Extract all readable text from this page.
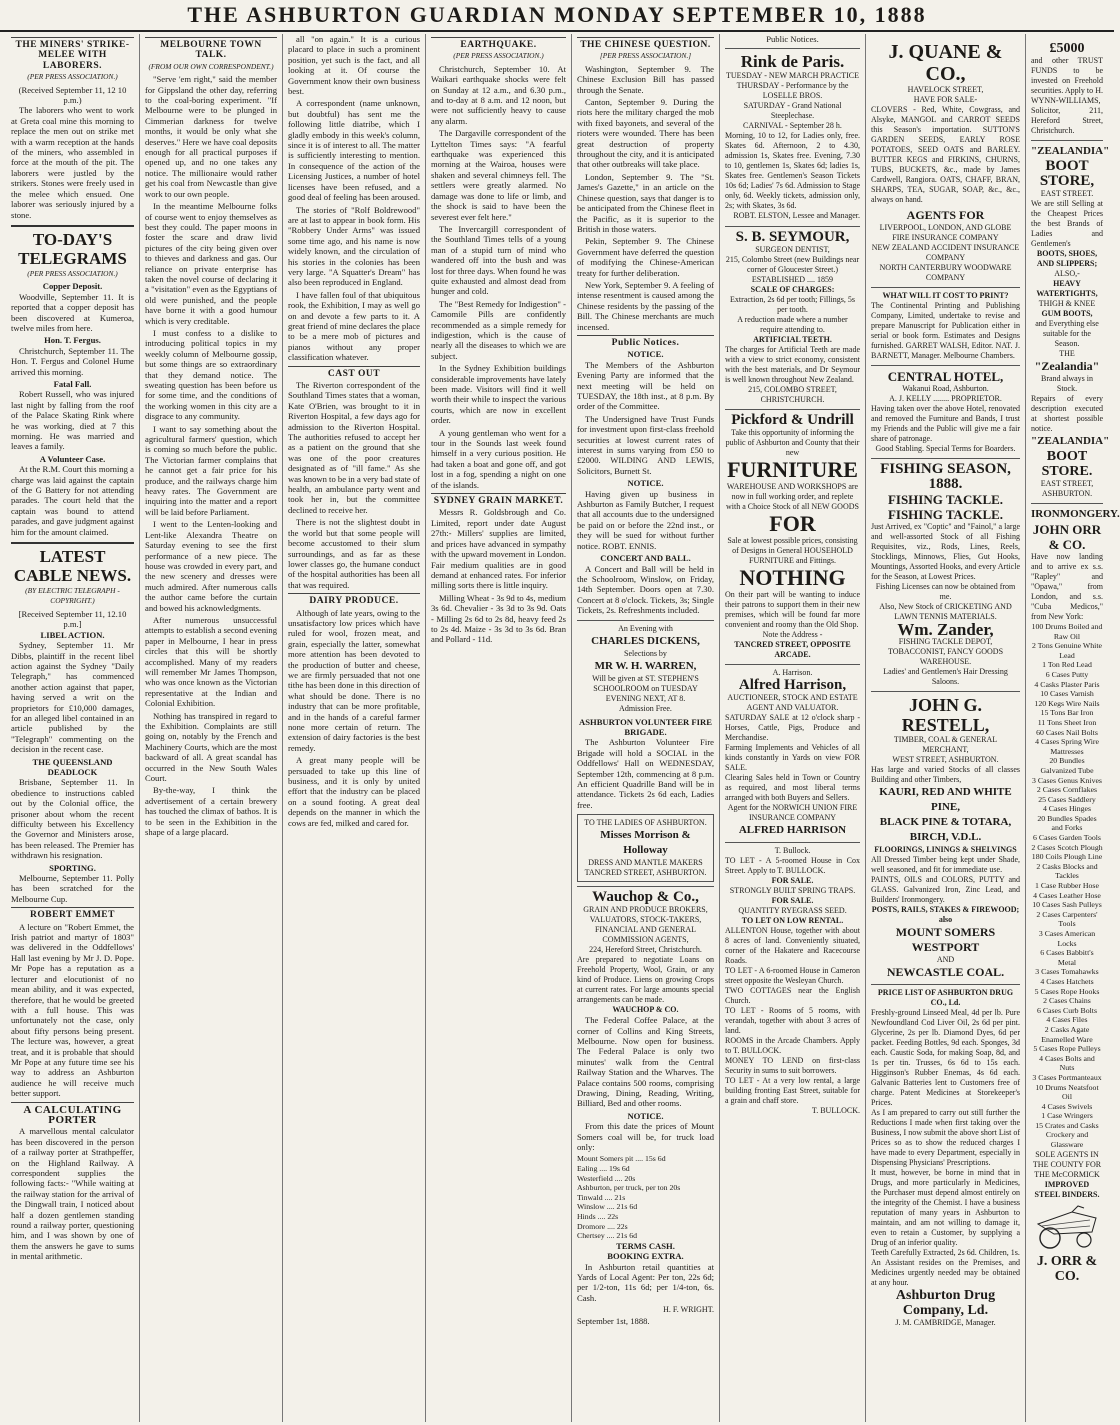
THE ASHBURTON GUARDIAN MONDAY SEPTEMBER 10, 1888
THE MINERS' STRIKE-MELEE WITH LABORERS.
(PER PRESS ASSOCIATION.)
(Received September 11, 12 10 p.m.)

The laborers who went to work at Greta coal mine this morning to replace the men out on strike met with a warm reception at the hands of the miners, who assembled in force at the mouth of the pit. The laborers were justled by the strikers. Stones were freely used in the melee which ensued. One laborer was seriously injured by a stone.

TO-DAY'S TELEGRAMS
(PER PRESS ASSOCIATION.)
Copper Deposit.

Woodville, September 11. It is reported that a copper deposit has been discovered at Kumeroa, twelve miles from here.

Hon. T. Fergus.

Christchurch, September 11. The Hon. T. Fergus and Colonel Hume arrived this morning.

Fatal Fall.

Robert Russell, who was injured last night by falling from the roof of the Palace Skating Rink where he was working, died at 7 this morning. He was married and leaves a family.

A Volunteer Case.

At the R.M. Court this morning a charge was laid against the captain of the G Battery for not attending parades. The court held that the captain was bound to attend parades, and gave judgment against him for the amount claimed.

LATEST CABLE NEWS.
(BY ELECTRIC TELEGRAPH - COPYRIGHT.)
[Received September 11, 12.10 p.m.]
LIBEL ACTION.

Sydney, September 11. Mr Dibbs, plaintiff in the recent libel action against the Sydney "Daily Telegraph," has commenced another action against that paper, having served a writ on the proprietors for £10,000 damages, for an alleged libel contained in an article published by the "Telegraph" commenting on the decision in the recent case.

THE QUEENSLAND DEADLOCK

Brisbane, September 11. In obedience to instructions cabled out by the Colonial office, the prisoner about whom the recent difficulty between his Excellency the Governor and Ministers arose, has been released. The Premier has withdrawn his resignation.

SPORTING.

Melbourne, September 11. Polly has been scratched for the Melbourne Cup.

ROBERT EMMET

A lecture on "Robert Emmet, the Irish patriot and martyr of 1803" was delivered in the Oddfellows' Hall last evening by Mr J. D. Pope. Mr Pope has a reputation as a lecturer and elocutionist of no mean ability, and it was expected, therefore, that he would be greeted with a full house. This was unfortunately not the case, only about fifty persons being present. The lecture was, however, a great treat, and it is probable that should Mr Pope at any future time see his way to address an Ashburton audience he will receive much better support.

A CALCULATING PORTER

A marvellous mental calculator has been discovered in the person of a railway porter at Strathpeffer, on the Highland Railway. A correspondent supplies the following facts:- "While waiting at the railway station for the arrival of the Dingwall train, I noticed about half a dozen gentlemen standing round a railway porter, questioning him, and I was shown by one of them the answers he gave to sums in mental arithmetic.

MELBOURNE TOWN TALK.
(FROM OUR OWN CORRESPONDENT.)

"Serve 'em right," said the member for Gippsland the other day, referring to the coal-boring experiment. "If Melbourne were to be plunged in Cimmerian darkness for twelve months, it would be only what she deserves." Here we have coal deposits enough for all practical purposes if opened up, and no one takes any notice. The millionaire would rather get his coal from Newcastle than give work to our own people.

In the meantime Melbourne folks of course went to enjoy themselves as best they could. The paper moons in foster the scare and draw livid pictures of the city being given over to thieves and darkness and gas. Our reliance on private enterprise has taken the novel course of declaring it a "visitation" even as the Egyptians of old were punished, and the people have borne it with a good humour which is very creditable.

I must confess to a dislike to introducing political topics in my weekly column of Melbourne gossip, but some things are so extraordinary that they demand notice. The sweating question has been before us for some time, and the conditions of the working women in this city are a disgrace to any community.

I want to say something about the agricultural farmers' question, which is coming so much before the public. The Victorian farmer complains that he cannot get a fair price for his produce, and the railways charge him heavy rates. The Government are inquiring into the matter and a report will be laid before Parliament.

I went to the Lenten-looking and Lent-like Alexandra Theatre on Saturday evening to see the first performance of a new piece. The house was crowded in every part, and the new scenery and dresses were much admired. After numerous calls the author came before the curtain and bowed his acknowledgments.

After numerous unsuccessful attempts to establish a second evening paper in Melbourne, I hear in press circles that this will be shortly accomplished. Many of my readers will remember Mr James Thompson, who was once known as the Victorian representative at the Indian and Colonial Exhibition.

Nothing has transpired in regard to the Exhibition. Complaints are still going on, notably by the French and Machinery Courts, which are the most backward of all. A great scandal has occurred in the New South Wales Court.

By-the-way, I think the advertisement of a certain brewery has touched the climax of bathos. It is to be seen in the Exhibition in the shape of a large placard.

all "on again." It is a curious placard to place in such a prominent position, yet such is the fact, and all looking at it. Of course the Government know their own business best.

A correspondent (name unknown, but doubtful) has sent me the following little diatribe, which I gladly embody in this week's column, since it is of interest to all. The matter is sufficiently interesting to mention. In consequence of the action of the Licensing Justices, a number of hotel licenses have been refused, and a good deal of feeling has been aroused.

The stories of "Rolf Boldrewood" are at last to appear in book form. His "Robbery Under Arms" was issued some time ago, and his name is now widely known, and the circulation of his stories in the colonies has been very large. "A Squatter's Dream" has also been reproduced in England.

I have fallen foul of that ubiquitous rook, the Exhibition, I may as well go on and devote a few parts to it. A great friend of mine declares the place to be a mere mob of pictures and pianos without any proper classification whatever.

CAST OUT

The Riverton correspondent of the Southland Times states that a woman, Kate O'Brien, was brought to it in Riverton Hospital, a few days ago for admission to the Riverton Hospital. The authorities refused to accept her as a patient on the ground that she was one of the poor creatures designated as of "ill fame." As she was known to be in a very bad state of health, an ambulance party went and took her in, but the committee declined to receive her.

There is not the slightest doubt in the world but that some people will become accustomed to their slum surroundings, and as far as these lower classes go, the humane conduct of the hospital authorities has been all that was required.

DAIRY PRODUCE.

Although of late years, owing to the unsatisfactory low prices which have ruled for wool, frozen meat, and grain, especially the latter, somewhat more attention has been devoted to the production of butter and cheese, we are firmly persuaded that not one tithe has been done in this direction of what should be done. There is no industry that can be more profitable, and in the hands of a careful farmer none more certain of return. The extension of dairy factories is the best remedy.

A great many people will be persuaded to take up this line of business, and it is only by united effort that the industry can be placed on a sound footing. A great deal depends on the manner in which the cows are fed, milked and cared for.

EARTHQUAKE.
(PER PRESS ASSOCIATION.)

Christchurch, September 10. At Waikari earthquake shocks were felt on Sunday at 12 a.m., and 6.30 p.m., and to-day at 8 a.m. and 12 noon, but were not sufficiently heavy to cause any alarm.

The Dargaville correspondent of the Lyttelton Times says: "A fearful earthquake was experienced this morning at the Wairoa, houses were shaken and several chimneys fell. The settlers were greatly alarmed. No damage was done to life or limb, and the shock is said to have been the severest ever felt here."

The Invercargill correspondent of the Southland Times tells of a young man of a stupid turn of mind who wandered off into the bush and was lost for three days. When found he was quite exhausted and almost dead from hunger and cold.

The "Best Remedy for Indigestion" - Camomile Pills are confidently recommended as a simple remedy for indigestion, which is the cause of nearly all the diseases to which we are subject.

In the Sydney Exhibition buildings considerable improvements have lately been made. Visitors will find it well worth their while to inspect the various courts, which are now in excellent order.

A young gentleman who went for a tour in the Sounds last week found himself in a very curious position. He had taken a boat and gone off, and got lost in a fog, spending a night on one of the islands.

SYDNEY GRAIN MARKET.

Messrs R. Goldsbrough and Co. Limited, report under date August 27th:- Millers' supplies are limited, and prices have advanced in sympathy with the upward movement in London. Fair medium qualities are in good demand at enhanced rates. For inferior milling sorts there is little inquiry.

Milling Wheat - 3s 9d to 4s, medium 3s 6d. Chevalier - 3s 3d to 3s 9d. Oats - Milling 2s 6d to 2s 8d, heavy feed 2s to 2s 4d. Maize - 3s 3d to 3s 6d. Bran and Pollard - 11d.

THE CHINESE QUESTION.
[PER PRESS ASSOCIATION.]

Washington, September 9. The Chinese Exclusion Bill has passed through the Senate.

Canton, September 9. During the riots here the military charged the mob with fixed bayonets, and several of the rioters were wounded. There has been great destruction of property throughout the city, and it is anticipated that other outbreaks will take place.

London, September 9. The "St. James's Gazette," in an article on the Chinese question, says that danger is to be anticipated from the Chinese fleet in the Pacific, as it is superior to the British in those waters.

Pekin, September 9. The Chinese Government have deferred the question of modifying the Chinese-American treaty for further deliberation.

New York, September 9. A feeling of intense resentment is caused among the Chinese residents by the passing of the Bill. The Chinese merchants are much incensed.

Public Notices.
NOTICE.

The Members of the Ashburton Evening Party are informed that the next meeting will be held on TUESDAY, the 18th inst., at 8 p.m. By order of the Committee.

The Undersigned have Trust Funds for investment upon first-class freehold securities at lowest current rates of interest in sums varying from £50 to £2000. WILDING AND LEWIS, Solicitors, Burnett St.

NOTICE.

Having given up business in Ashburton as Family Butcher, I request that all accounts due to the undersigned be paid on or before the 22nd inst., or they will be sued for without further notice. ROBT. ENNIS.

CONCERT AND BALL.

A Concert and Ball will be held in the Schoolroom, Winslow, on Friday, 14th September. Doors open at 7.30. Concert at 8 o'clock. Tickets, 3s; Single Tickets, 2s. Refreshments included.

An Evening with
CHARLES DICKENS,
Selections by
MR W. H. WARREN,
Will be given at ST. STEPHEN'S SCHOOLROOM on TUESDAY EVENING NEXT, AT 8.
Admission Free.
ASHBURTON VOLUNTEER FIRE BRIGADE.

The Ashburton Volunteer Fire Brigade will hold a SOCIAL in the Oddfellows' Hall on WEDNESDAY, September 12th, commencing at 8 p.m. An efficient Quadrille Band will be in attendance. Tickets 2s 6d each, Ladies free.

TO THE LADIES OF ASHBURTON.
Misses Morrison & Holloway
DRESS AND MANTLE MAKERS
TANCRED STREET, ASHBURTON.
Wauchop & Co.,
GRAIN AND PRODUCE BROKERS, VALUATORS, STOCK-TAKERS, FINANCIAL AND GENERAL COMMISSION AGENTS,
224, Hereford Street, Christchurch.
Are prepared to negotiate Loans on Freehold Property, Wool, Grain, or any kind of Produce. Liens on growing Crops at current rates. For large amounts special arrangements can be made.
WAUCHOP & CO.

The Federal Coffee Palace, at the corner of Collins and King Streets, Melbourne. Now open for business. The Federal Palace is only two minutes' walk from the Central Railway Station and the Wharves. The Palace contains 500 rooms, comprising Drawing, Dining, Reading, Writing, Billiard, Bed and other rooms.

NOTICE.

From this date the prices of Mount Somers coal will be, for truck load only:

Mount Somers pit .... 15s 6d
Ealing .... 19s 6d
Westerfield .... 20s
Ashburton, per truck, per ton 20s
Tinwald .... 21s
Winslow .... 21s 6d
Hinds .... 22s
Dromore .... 22s
Chertsey .... 21s 6d
TERMS CASH.
BOOKING EXTRA.

In Ashburton retail quantities at Yards of Local Agent: Per ton, 22s 6d; per 1/2-ton, 11s 6d; per 1/4-ton, 6s. Cash.

H. F. WRIGHT.
September 1st, 1888.
Public Notices.
Rink de Paris.
TUESDAY - NEW MARCH PRACTICE
THURSDAY - Performance by the LOSELLE BROS.
SATURDAY - Grand National Steeplechase.
CARNIVAL - September 28 h.
Morning, 10 to 12, for Ladies only, free. Skates 6d. Afternoon, 2 to 4.30, admission 1s, Skates free. Evening, 7.30 to 10, gentlemen 1s, Skates 6d; ladies 1s, Skates free. Gentlemen's Season Tickets 10s 6d; Ladies' 7s 6d. Admission to Stage only, 6d. Weekly tickets, admission only, 2s; with Skates, 3s 6d.
ROBT. ELSTON, Lessee and Manager.
S. B. SEYMOUR,
SURGEON DENTIST,
215, Colombo Street (new Buildings near corner of Gloucester Street.)
ESTABLISHED .... 1859
SCALE OF CHARGES:
Extraction, 2s 6d per tooth; Fillings, 5s per tooth.
A reduction made where a number require attending to.
ARTIFICIAL TEETH.
The charges for Artificial Teeth are made with a view to strict economy, consistent with the best materials, and Dr Seymour is well known throughout New Zealand.
215, COLOMBO STREET, CHRISTCHURCH.
Pickford & Undrill
Take this opportunity of informing the public of Ashburton and County that their new
FURNITURE
WAREHOUSE AND WORKSHOPS are now in full working order, and replete with a Choice Stock of all NEW GOODS
FOR
Sale at lowest possible prices, consisting of Designs in General HOUSEHOLD FURNITURE and Fittings.
NOTHING
On their part will be wanting to induce their patrons to support them in their new premises, which will be found far more convenient and roomy than the Old Shop.
Note the Address -
TANCRED STREET, OPPOSITE ARCADE.
A. Harrison.
Alfred Harrison,
AUCTIONEER, STOCK AND ESTATE AGENT AND VALUATOR.
SATURDAY SALE at 12 o'clock sharp - Horses, Cattle, Pigs, Produce and Merchandise.
Farming Implements and Vehicles of all kinds constantly in Yards on view FOR SALE.
Clearing Sales held in Town or Country as required, and most liberal terms arranged with both Buyers and Sellers.
Agent for the NORWICH UNION FIRE INSURANCE COMPANY
ALFRED HARRISON
T. Bullock.
TO LET - A 5-roomed House in Cox Street. Apply to T. BULLOCK.
FOR SALE.
STRONGLY BUILT SPRING TRAPS.
FOR SALE.
QUANTITY RYEGRASS SEED.
TO LET ON LOW RENTAL.
ALLENTON House, together with about 8 acres of land. Conveniently situated, corner of the Hakatere and Racecourse Roads.
TO LET - A 6-roomed House in Cameron street opposite the Wesleyan Church.
TWO COTTAGES near the English Church.
TO LET - Rooms of 5 rooms, with verandah, together with about 3 acres of land.
ROOMS in the Arcade Chambers. Apply to T. BULLOCK.
MONEY TO LEND on first-class Security in sums to suit borrowers.
TO LET - At a very low rental, a large building fronting East Street, suitable for a grain and chaff store.
T. BULLOCK.
J. QUANE & CO.,
HAVELOCK STREET,
HAVE FOR SALE-
CLOVERS - Red, White, Cowgrass, and Alsyke, MANGOL and CARROT SEEDS this Season's importation. SUTTON'S GARDEN SEEDS, EARLY ROSE POTATOES, SEED OATS and BARLEY. BUTTER KEGS and FIRKINS, CHURNS, TUBS, BUCKETS, &c., made by James Cardwell, Rangiora. OATS, CHAFF, BRAN, SHARPS, TEA, SUGAR, SOAP, &c., &c., always on hand.
AGENTS FOR
LIVERPOOL, LONDON, AND GLOBE FIRE INSURANCE COMPANY
NEW ZEALAND ACCIDENT INSURANCE COMPANY
NORTH CANTERBURY WOODWARE COMPANY
WHAT WILL IT COST TO PRINT?
The Continental Printing and Publishing Company, Limited, undertake to revise and prepare Manuscript for Publication either in serial or book form. Estimates and Designs furnished. GARRET WALSH, Editor. NAT. J. BARNETT, Manager. Melbourne Chambers.
CENTRAL HOTEL,
Wakanui Road, Ashburton.
A. J. KELLY ........ PROPRIETOR.
Having taken over the above Hotel, renovated and removed the Furniture and Bands, I trust my Friends and the Public will give me a fair share of patronage.
Good Stabling. Special Terms for Boarders.
FISHING SEASON, 1888.
FISHING TACKLE.
FISHING TACKLE.
Just Arrived, ex "Coptic" and "Fainol," a large and well-assorted Stock of all Fishing Requisites, viz., Rods, Lines, Reels, Stocklings, Minnows, Flies, Gut Hooks, Mountings, Assorted Hooks, and every Article for the Season, at Lowest Prices.
Fishing Licenses can now be obtained from me.
Also, New Stock of CRICKETING AND LAWN TENNIS MATERIALS.
Wm. Zander,
FISHING TACKLE DEPOT, TOBACCONIST, FANCY GOODS WAREHOUSE.
Ladies' and Gentlemen's Hair Dressing Saloons.
JOHN G. RESTELL,
TIMBER, COAL & GENERAL MERCHANT,
WEST STREET, ASHBURTON.
Has large and varied Stocks of all classes Building and other Timbers,
KAURI, RED AND WHITE PINE,
BLACK PINE & TOTARA,
BIRCH, V.D.L.
FLOORINGS, LININGS & SHELVINGS
All Dressed Timber being kept under Shade, well seasoned, and fit for immediate use.
PAINTS, OILS and COLORS, PUTTY and GLASS. Galvanized Iron, Zinc Lead, and Builders' Ironmongery.
POSTS, RAILS, STAKES & FIREWOOD; also
MOUNT SOMERS
WESTPORT
AND
NEWCASTLE COAL.
PRICE LIST OF ASHBURTON DRUG CO., Ld.
Freshly-ground Linseed Meal, 4d per lb. Pure Newfoundland Cod Liver Oil, 2s 6d per pint. Glycerine, 2s per lb. Diamond Dyes, 6d per packet. Feeding Bottles, 9d each. Sponges, 3d each. Caustic Soda, for making Soap, 8d, and 1s per tin. Trusses, 6s 6d to 15s each. Higginson's Rubber Enemas, 4s 6d each. Galvanic Batteries lent to Customers free of charge. Patent Medicines at Storekeeper's Prices.
As I am prepared to carry out still further the Reductions I made when first taking over the Business, I now submit the above short List of Prices so as to show the reduced charges I have made to every Department, especially in Dispensing Physicians' Prescriptions.
It must, however, be borne in mind that in Drugs, and more particularly in Medicines, the Purchaser must depend almost entirely on the integrity of the Chemist. I have a business reputation of many years in Ashburton to maintain, and am not willing to damage it, even to retain a Customer, by supplying a Drug of an inferior quality.
Teeth Carefully Extracted, 2s 6d. Children, 1s.
An Assistant resides on the Premises, and Medicines urgently needed may be obtained at any hour.
Ashburton Drug Company, Ld.
J. M. CAMBRIDGE, Manager.
£5000
and other TRUST FUNDS to be invested on Freehold securities. Apply to H. WYNN-WILLIAMS, Solicitor, 211, Hereford Street, Christchurch.
"ZEALANDIA"
BOOT STORE,
EAST STREET.
We are still Selling at the Cheapest Prices the best Brands of Ladies and Gentlemen's
BOOTS, SHOES, AND SLIPPERS;
ALSO,-
HEAVY WATERTIGHTS,
THIGH & KNEE
GUM BOOTS,
and Everything else suitable for the Season.
THE
"Zealandia"
Brand always in Stock.
Repairs of every description executed at shortest possible notice.
"ZEALANDIA"
BOOT STORE.
EAST STREET,
ASHBURTON.
IRONMONGERY.
JOHN ORR & CO.
Have now landing and to arrive ex s.s. "Rapley" and "Opawa," from London, and s.s. "Cuba Medicos," from New York:
100 Drums Boiled and Raw Oil
2 Tons Genuine White Lead
1 Ton Red Lead
6 Cases Putty
4 Casks Plaster Paris
10 Cases Varnish
120 Kegs Wire Nails
15 Tons Bar Iron
11 Tons Sheet Iron
60 Cases Nail Bolts
4 Cases Spring Wire Mattresses
20 Bundles Galvanized Tube
3 Cases Genus Knives
2 Cases Cornflakes
25 Cases Saddlery
4 Cases Hinges
20 Bundles Spades and Forks
6 Cases Garden Tools
2 Cases Scotch Plough
180 Coils Plough Line
2 Casks Blocks and Tackles
1 Case Rubber Hose
4 Cases Leather Hose
10 Cases Sash Pulleys
2 Cases Carpenters' Tools
3 Cases American Locks
6 Cases Babbitt's Metal
3 Cases Tomahawks
4 Cases Hatchets
5 Cases Rope Hooks
2 Cases Chains
6 Cases Curb Bolts
4 Cases Files
2 Casks Agate Enamelled Ware
5 Cases Rope Pulleys
4 Cases Bolts and Nuts
3 Cases Portmanteaux
10 Drums Neatsfoot Oil
4 Cases Swivels
1 Case Wringers
15 Crates and Casks Crockery and Glassware
SOLE AGENTS IN THE COUNTY FOR THE McCORMICK
IMPROVED STEEL BINDERS.
J. ORR & CO.
